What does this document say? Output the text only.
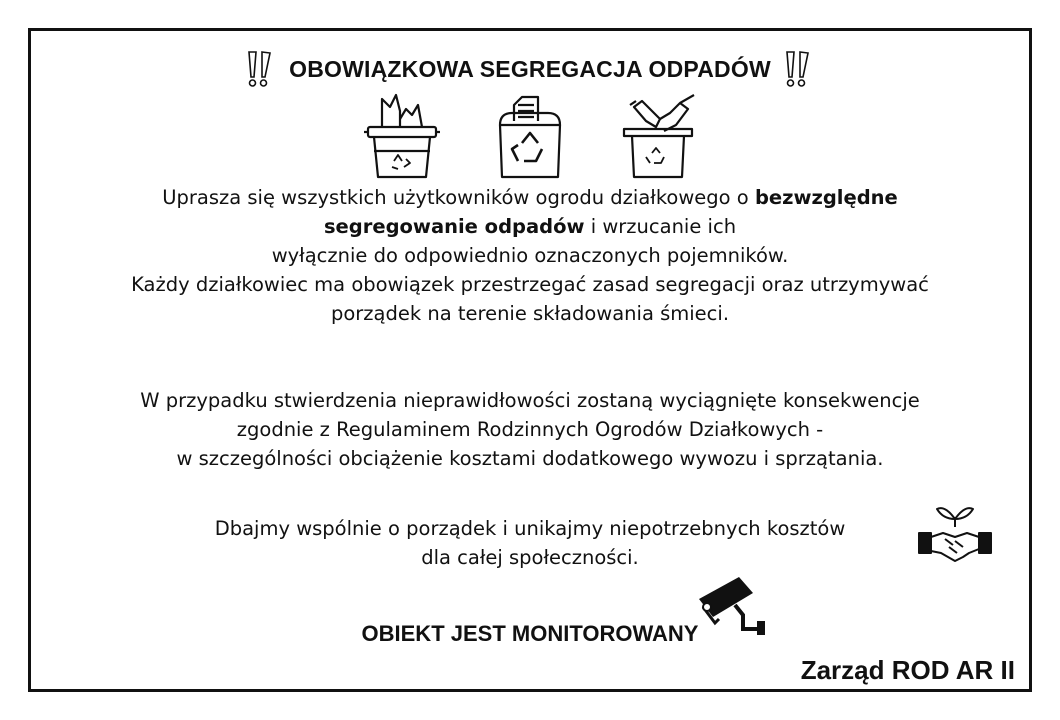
OBOWIĄZKOWA SEGREGACJA ODPADÓW

Uprasza się wszystkich użytkowników ogrodu działkowego o bezwzględne
segregowanie odpadów i wrzucanie ich
wyłącznie do odpowiednio oznaczonych pojemników.
Każdy działkowiec ma obowiązek przestrzegać zasad segregacji oraz utrzymywać
porządek na terenie składowania śmieci.

W przypadku stwierdzenia nieprawidłowości zostaną wyciągnięte konsekwencje
zgodnie z Regulaminem Rodzinnych Ogrodów Działkowych -
w szczególności obciążenie kosztami dodatkowego wywozu i sprzątania.

Dbajmy wspólnie o porządek i unikajmy niepotrzebnych kosztów
dla całej społeczności.

OBIEKT JEST MONITOROWANY
Zarząd ROD AR II
